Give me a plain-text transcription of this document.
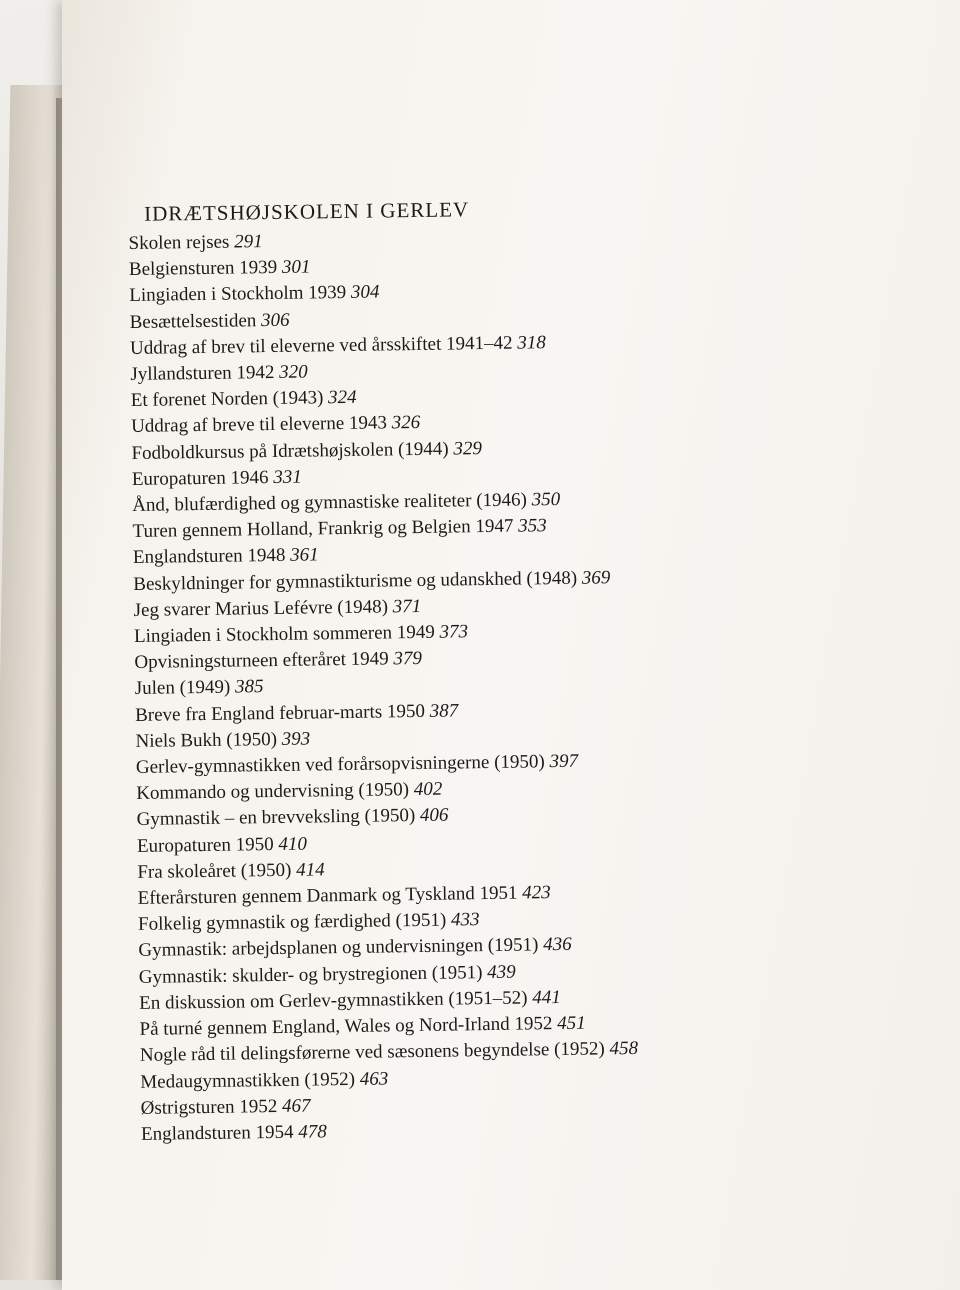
IDRÆTSHØJSKOLEN I GERLEV
Skolen rejses 291
Belgiensturen 1939 301
Lingiaden i Stockholm 1939 304
Besættelsestiden 306
Uddrag af brev til eleverne ved årsskiftet 1941–42 318
Jyllandsturen 1942 320
Et forenet Norden (1943) 324
Uddrag af breve til eleverne 1943 326
Fodboldkursus på Idrætshøjskolen (1944) 329
Europaturen 1946 331
Ånd, blufærdighed og gymnastiske realiteter (1946) 350
Turen gennem Holland, Frankrig og Belgien 1947 353
Englandsturen 1948 361
Beskyldninger for gymnastikturisme og udanskhed (1948) 369
Jeg svarer Marius Lefévre (1948) 371
Lingiaden i Stockholm sommeren 1949 373
Opvisningsturneen efteråret 1949 379
Julen (1949) 385
Breve fra England februar-marts 1950 387
Niels Bukh (1950) 393
Gerlev-gymnastikken ved forårsopvisningerne (1950) 397
Kommando og undervisning (1950) 402
Gymnastik – en brevveksling (1950) 406
Europaturen 1950 410
Fra skoleåret (1950) 414
Efterårsturen gennem Danmark og Tyskland 1951 423
Folkelig gymnastik og færdighed (1951) 433
Gymnastik: arbejdsplanen og undervisningen (1951) 436
Gymnastik: skulder- og brystregionen (1951) 439
En diskussion om Gerlev-gymnastikken (1951–52) 441
På turné gennem England, Wales og Nord-Irland 1952 451
Nogle råd til delingsførerne ved sæsonens begyndelse (1952) 458
Medaugymnastikken (1952) 463
Østrigsturen 1952 467
Englandsturen 1954 478
